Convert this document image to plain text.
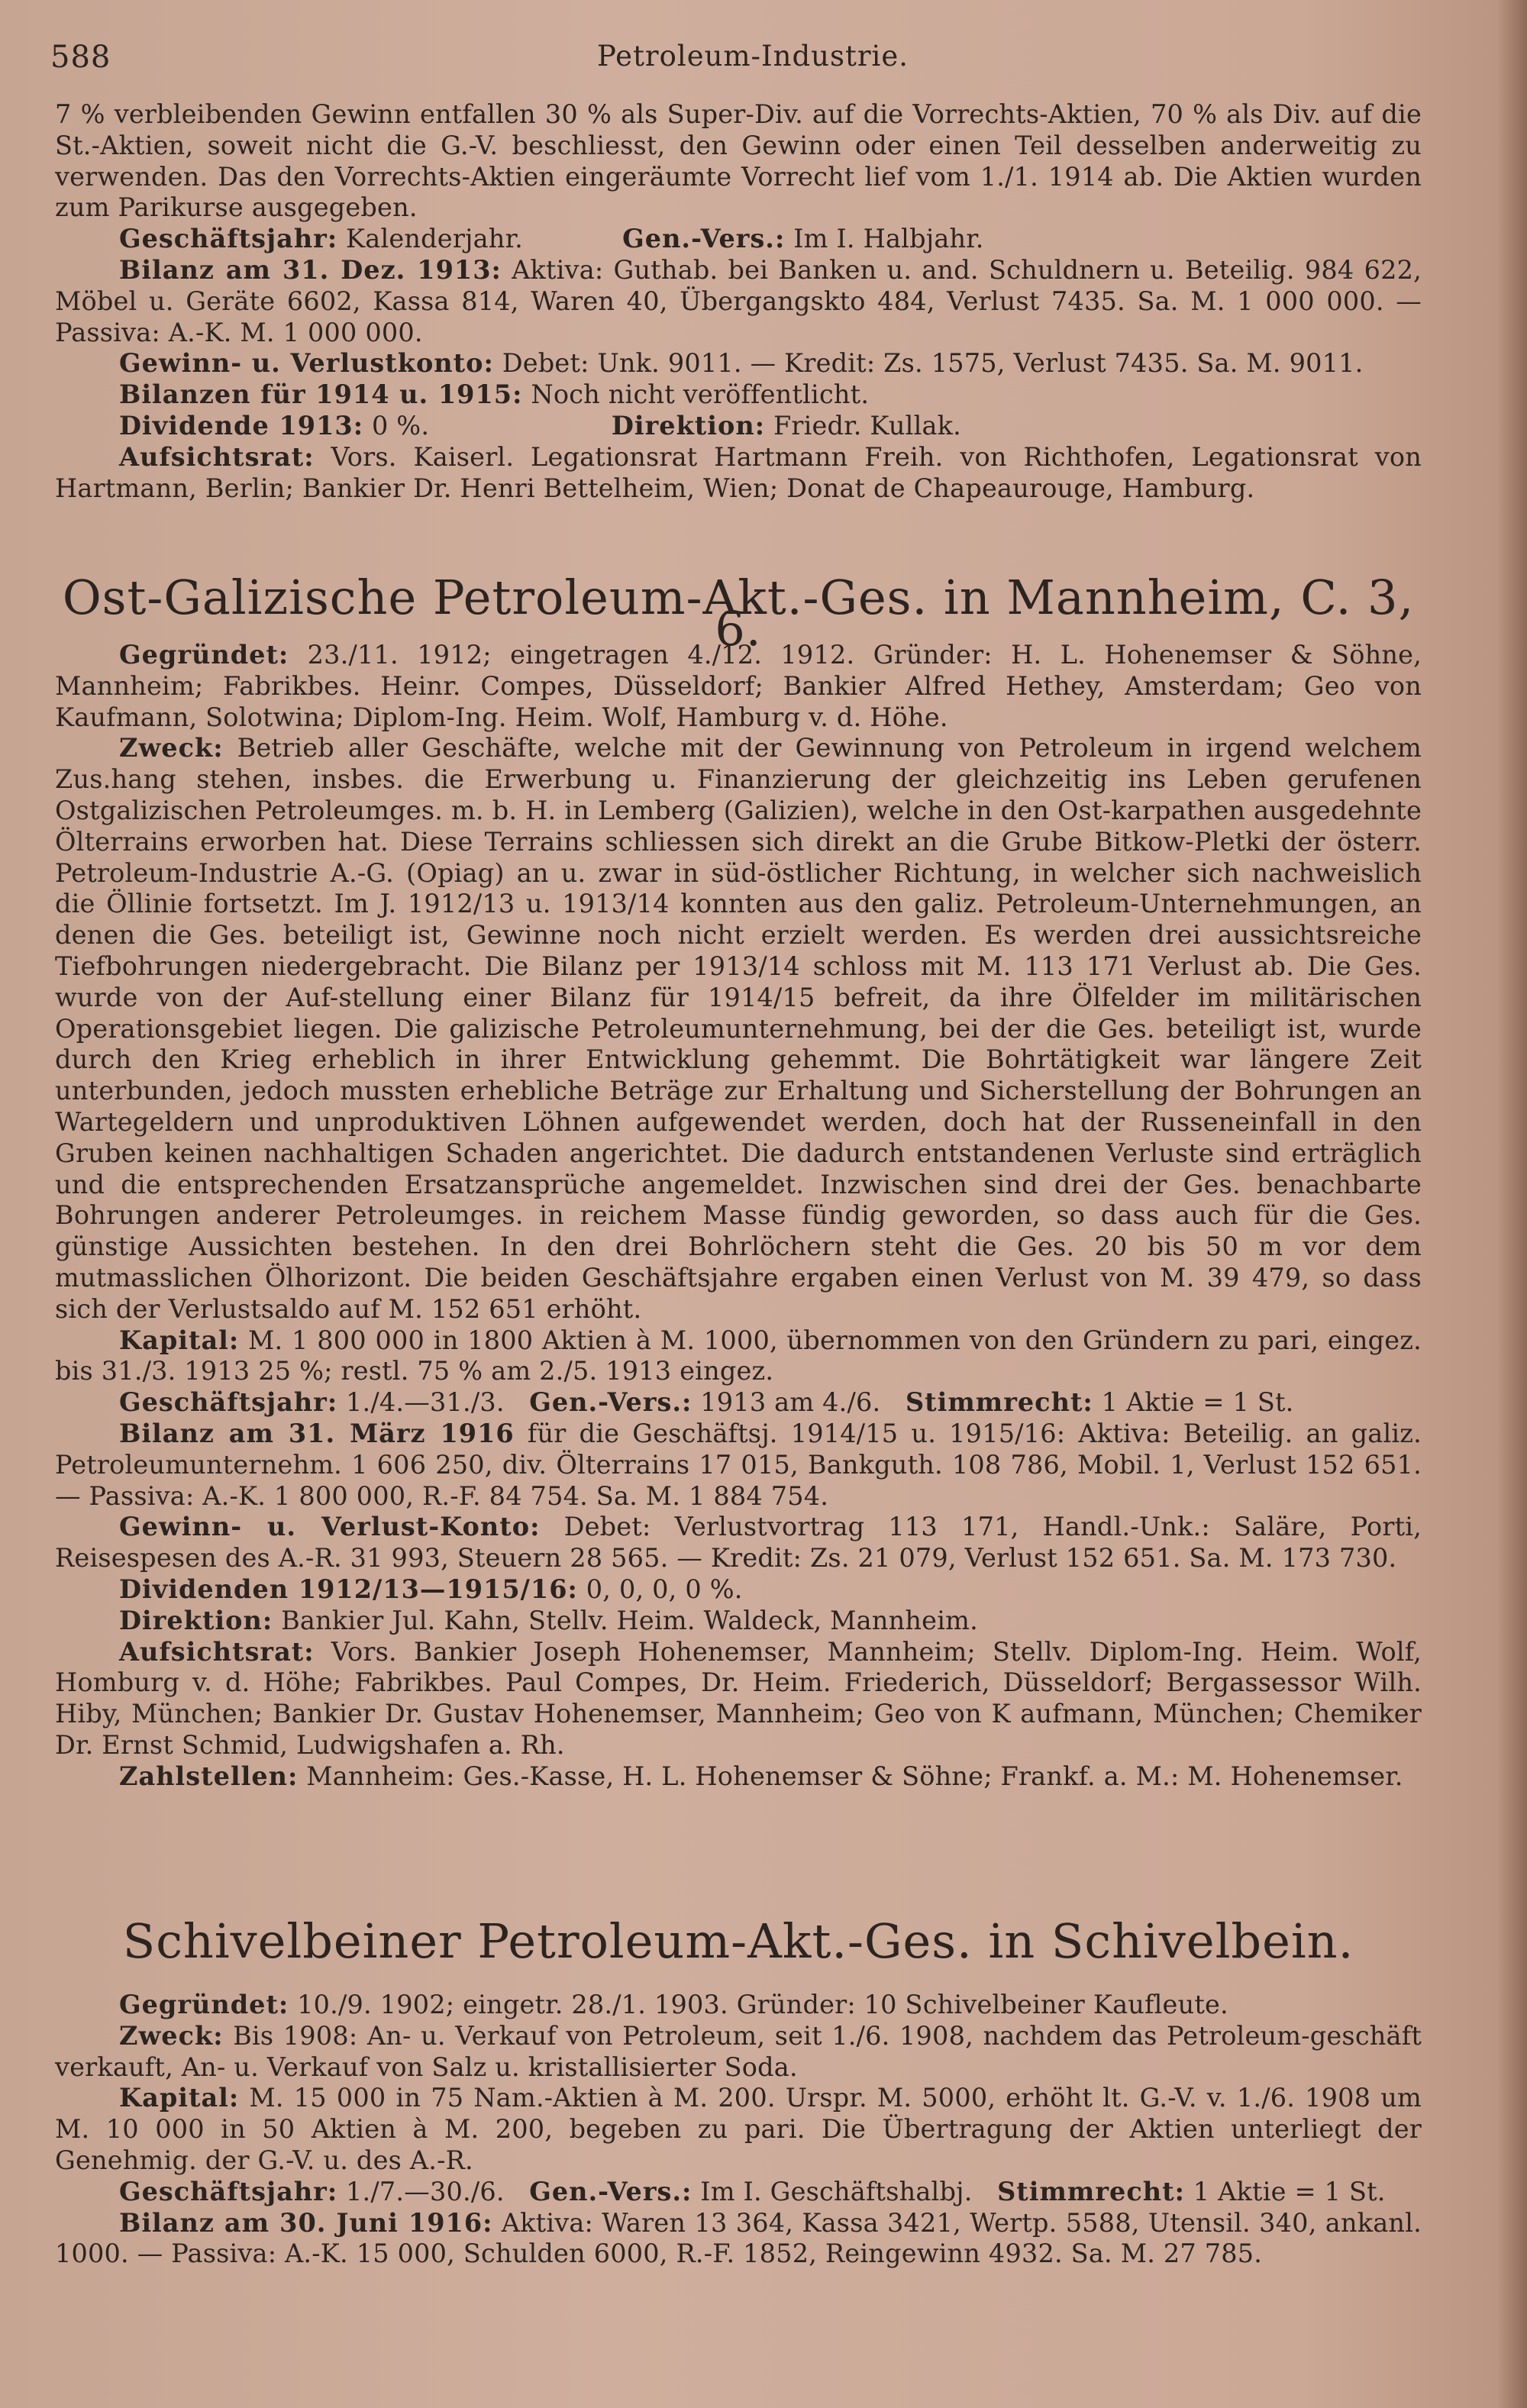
588	Petroleum-Industrie.

7 % verbleibenden Gewinn entfallen 30 % als Super-Div. auf die Vorrechts-Aktien, 70 % als Div. auf die St.-Aktien, soweit nicht die G.-V. beschliesst, den Gewinn oder einen Teil desselben anderweitig zu verwenden. Das den Vorrechts-Aktien eingeräumte Vorrecht lief vom 1./1. 1914 ab. Die Aktien wurden zum Parikurse ausgegeben.

Geschäftsjahr: Kalenderjahr.	Gen.-Vers.: Im I. Halbjahr.

Bilanz am 31. Dez. 1913: Aktiva: Guthab. bei Banken u. and. Schuldnern u. Beteilig. 984 622, Möbel u. Geräte 6602, Kassa 814, Waren 40, Übergangskto 484, Verlust 7435. Sa. M. 1 000 000. — Passiva: A.-K. M. 1 000 000.

Gewinn- u. Verlustkonto: Debet: Unk. 9011. — Kredit: Zs. 1575, Verlust 7435. Sa. M. 9011.

Bilanzen für 1914 u. 1915: Noch nicht veröffentlicht.

Dividende 1913: 0 %.	Direktion: Friedr. Kullak.

Aufsichtsrat: Vors. Kaiserl. Legationsrat Hartmann Freih. von Richthofen, Legationsrat von Hartmann, Berlin; Bankier Dr. Henri Bettelheim, Wien; Donat de Chapeaurouge, Hamburg.

Ost-Galizische Petroleum-Akt.-Ges. in Mannheim, C. 3, 6.

Gegründet: 23./11. 1912; eingetragen 4./12. 1912. Gründer: H. L. Hohenemser & Söhne, Mannheim; Fabrikbes. Heinr. Compes, Düsseldorf; Bankier Alfred Hethey, Amsterdam; Geo von Kaufmann, Solotwina; Diplom-Ing. Heim. Wolf, Hamburg v. d. Höhe.

Zweck: Betrieb aller Geschäfte, welche mit der Gewinnung von Petroleum in irgend welchem Zus.hang stehen, insbes. die Erwerbung u. Finanzierung der gleichzeitig ins Leben gerufenen Ostgalizischen Petroleumges. m. b. H. in Lemberg (Galizien), welche in den Ost-karpathen ausgedehnte Ölterrains erworben hat. Diese Terrains schliessen sich direkt an die Grube Bitkow-Pletki der österr. Petroleum-Industrie A.-G. (Opiag) an u. zwar in süd-östlicher Richtung, in welcher sich nachweislich die Öllinie fortsetzt. Im J. 1912/13 u. 1913/14 konnten aus den galiz. Petroleum-Unternehmungen, an denen die Ges. beteiligt ist, Gewinne noch nicht erzielt werden. Es werden drei aussichtsreiche Tiefbohrungen niedergebracht. Die Bilanz per 1913/14 schloss mit M. 113 171 Verlust ab. Die Ges. wurde von der Auf-stellung einer Bilanz für 1914/15 befreit, da ihre Ölfelder im militärischen Operationsgebiet liegen. Die galizische Petroleumunternehmung, bei der die Ges. beteiligt ist, wurde durch den Krieg erheblich in ihrer Entwicklung gehemmt. Die Bohrtätigkeit war längere Zeit unterbunden, jedoch mussten erhebliche Beträge zur Erhaltung und Sicherstellung der Bohrungen an Wartegeldern und unproduktiven Löhnen aufgewendet werden, doch hat der Russeneinfall in den Gruben keinen nachhaltigen Schaden angerichtet. Die dadurch entstandenen Verluste sind erträglich und die entsprechenden Ersatzansprüche angemeldet. Inzwischen sind drei der Ges. benachbarte Bohrungen anderer Petroleumges. in reichem Masse fündig geworden, so dass auch für die Ges. günstige Aussichten bestehen. In den drei Bohrlöchern steht die Ges. 20 bis 50 m vor dem mutmasslichen Ölhorizont. Die beiden Geschäftsjahre ergaben einen Verlust von M. 39 479, so dass sich der Verlustsaldo auf M. 152 651 erhöht.

Kapital: M. 1 800 000 in 1800 Aktien à M. 1000, übernommen von den Gründern zu pari, eingez. bis 31./3. 1913 25 %; restl. 75 % am 2./5. 1913 eingez.

Geschäftsjahr: 1./4.—31./3. Gen.-Vers.: 1913 am 4./6. Stimmrecht: 1 Aktie = 1 St.

Bilanz am 31. März 1916 für die Geschäftsj. 1914/15 u. 1915/16: Aktiva: Beteilig. an galiz. Petroleumunternehm. 1 606 250, div. Ölterrains 17 015, Bankguth. 108 786, Mobil. 1, Verlust 152 651. — Passiva: A.-K. 1 800 000, R.-F. 84 754. Sa. M. 1 884 754.

Gewinn- u. Verlust-Konto: Debet: Verlustvortrag 113 171, Handl.-Unk.: Saläre, Porti, Reisespesen des A.-R. 31 993, Steuern 28 565. — Kredit: Zs. 21 079, Verlust 152 651. Sa. M. 173 730.

Dividenden 1912/13—1915/16: 0, 0, 0, 0 %.

Direktion: Bankier Jul. Kahn, Stellv. Heim. Waldeck, Mannheim.

Aufsichtsrat: Vors. Bankier Joseph Hohenemser, Mannheim; Stellv. Diplom-Ing. Heim. Wolf, Homburg v. d. Höhe; Fabrikbes. Paul Compes, Dr. Heim. Friederich, Düsseldorf; Bergassessor Wilh. Hiby, München; Bankier Dr. Gustav Hohenemser, Mannheim; Geo von K aufmann, München; Chemiker Dr. Ernst Schmid, Ludwigshafen a. Rh.

Zahlstellen: Mannheim: Ges.-Kasse, H. L. Hohenemser & Söhne; Frankf. a. M.: M. Hohenemser.

Schivelbeiner Petroleum-Akt.-Ges. in Schivelbein.

Gegründet: 10./9. 1902; eingetr. 28./1. 1903. Gründer: 10 Schivelbeiner Kaufleute.

Zweck: Bis 1908: An- u. Verkauf von Petroleum, seit 1./6. 1908, nachdem das Petroleum-geschäft verkauft, An- u. Verkauf von Salz u. kristallisierter Soda.

Kapital: M. 15 000 in 75 Nam.-Aktien à M. 200. Urspr. M. 5000, erhöht lt. G.-V. v. 1./6. 1908 um M. 10 000 in 50 Aktien à M. 200, begeben zu pari. Die Übertragung der Aktien unterliegt der Genehmig. der G.-V. u. des A.-R.

Geschäftsjahr: 1./7.—30./6. Gen.-Vers.: Im I. Geschäftshalbj. Stimmrecht: 1 Aktie = 1 St.

Bilanz am 30. Juni 1916: Aktiva: Waren 13 364, Kassa 3421, Wertp. 5588, Utensil. 340, ankanl. 1000. — Passiva: A.-K. 15 000, Schulden 6000, R.-F. 1852, Reingewinn 4932. Sa. M. 27 785.
